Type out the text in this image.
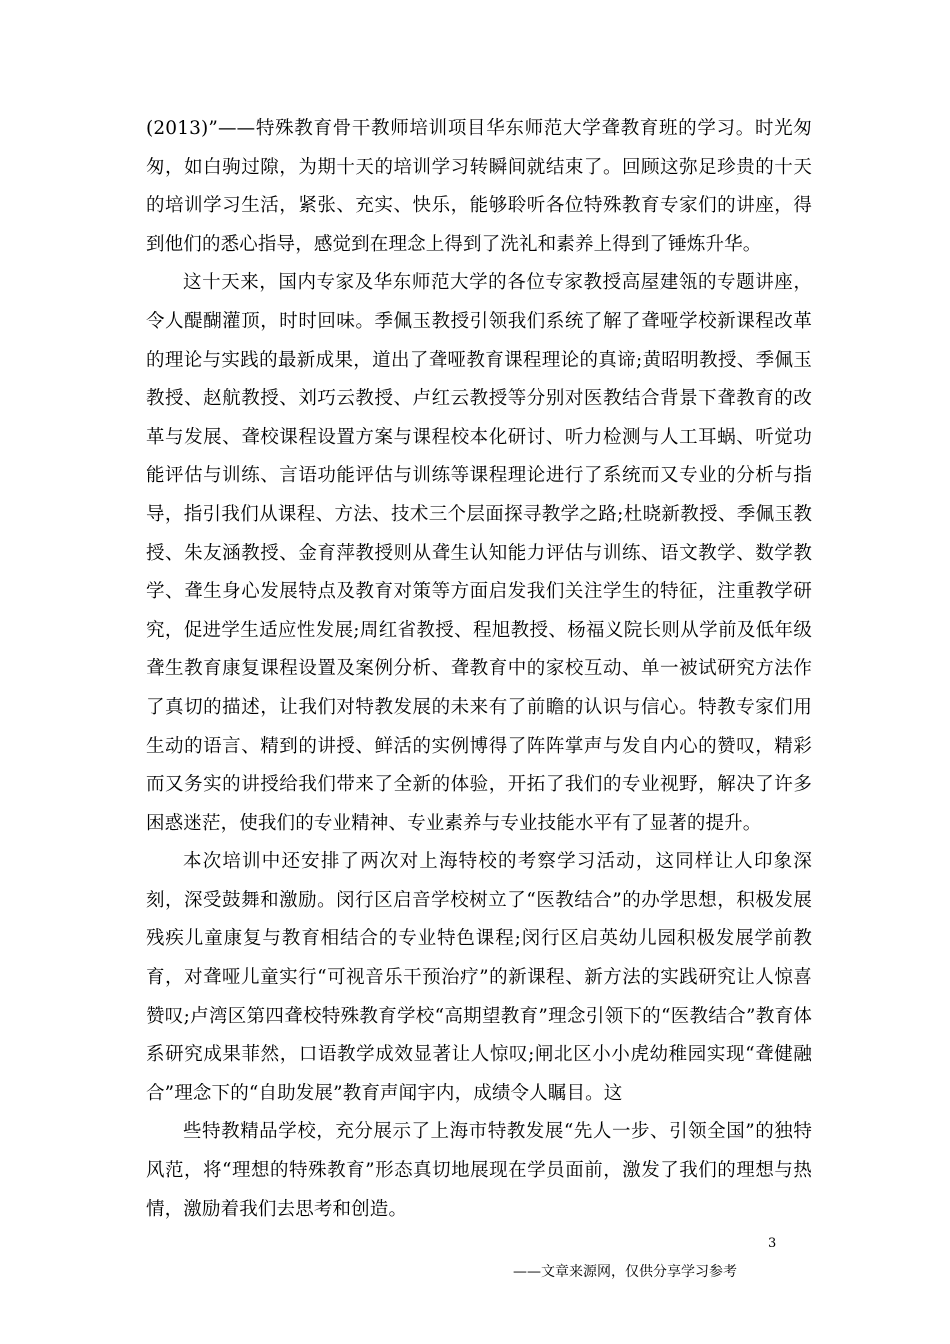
(2013)”——特殊教育骨干教师培训项目华东师范大学聋教育班的学习。时光匆匆，如白驹过隙，为期十天的培训学习转瞬间就结束了。回顾这弥足珍贵的十天的培训学习生活，紧张、充实、快乐，能够聆听各位特殊教育专家们的讲座，得到他们的悉心指导，感觉到在理念上得到了洗礼和素养上得到了锤炼升华。

这十天来，国内专家及华东师范大学的各位专家教授高屋建瓴的专题讲座，令人醍醐灌顶，时时回味。季佩玉教授引领我们系统了解了聋哑学校新课程改革的理论与实践的最新成果，道出了聋哑教育课程理论的真谛;黄昭明教授、季佩玉教授、赵航教授、刘巧云教授、卢红云教授等分别对医教结合背景下聋教育的改革与发展、聋校课程设置方案与课程校本化研讨、听力检测与人工耳蜗、听觉功能评估与训练、言语功能评估与训练等课程理论进行了系统而又专业的分析与指导，指引我们从课程、方法、技术三个层面探寻教学之路;杜晓新教授、季佩玉教授、朱友涵教授、金育萍教授则从聋生认知能力评估与训练、语文教学、数学教学、聋生身心发展特点及教育对策等方面启发我们关注学生的特征，注重教学研究，促进学生适应性发展;周红省教授、程旭教授、杨福义院长则从学前及低年级聋生教育康复课程设置及案例分析、聋教育中的家校互动、单一被试研究方法作了真切的描述，让我们对特教发展的未来有了前瞻的认识与信心。特教专家们用生动的语言、精到的讲授、鲜活的实例博得了阵阵掌声与发自内心的赞叹，精彩而又务实的讲授给我们带来了全新的体验，开拓了我们的专业视野，解决了许多困惑迷茫，使我们的专业精神、专业素养与专业技能水平有了显著的提升。

本次培训中还安排了两次对上海特校的考察学习活动，这同样让人印象深刻，深受鼓舞和激励。闵行区启音学校树立了“医教结合”的办学思想，积极发展残疾儿童康复与教育相结合的专业特色课程;闵行区启英幼儿园积极发展学前教育，对聋哑儿童实行“可视音乐干预治疗”的新课程、新方法的实践研究让人惊喜赞叹;卢湾区第四聋校特殊教育学校“高期望教育”理念引领下的“医教结合”教育体系研究成果菲然，口语教学成效显著让人惊叹;闸北区小小虎幼稚园实现“聋健融合”理念下的“自助发展”教育声闻宇内，成绩令人瞩目。这

些特教精品学校，充分展示了上海市特教发展“先人一步、引领全国”的独特风范，将“理想的特殊教育”形态真切地展现在学员面前，激发了我们的理想与热情，激励着我们去思考和创造。

3
——文章来源网，仅供分享学习参考
